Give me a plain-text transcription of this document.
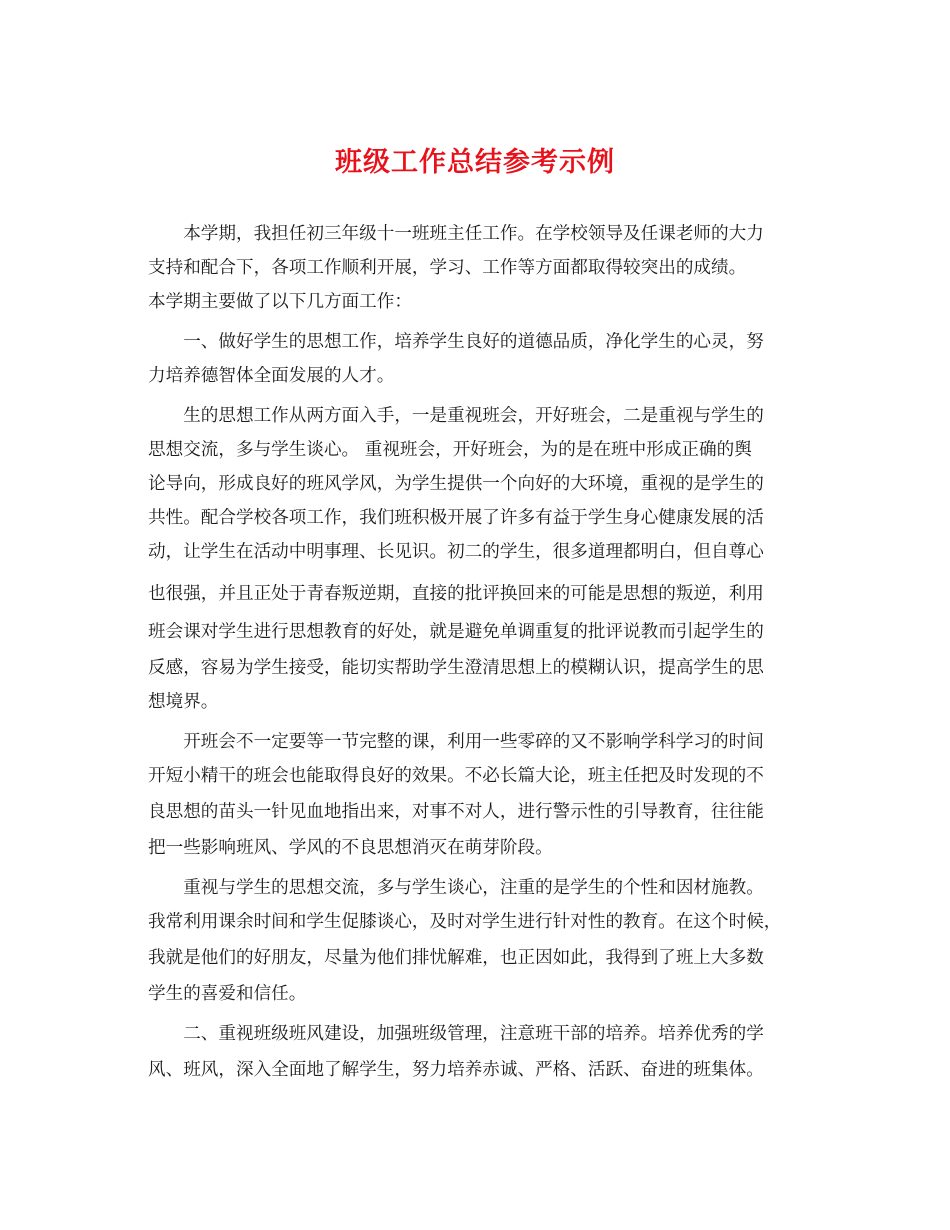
班级工作总结参考示例
　　本学期，我担任初三年级十一班班主任工作。在学校领导及任课老师的大力
支持和配合下，各项工作顺利开展，学习、工作等方面都取得较突出的成绩。
本学期主要做了以下几方面工作：
　　一、做好学生的思想工作，培养学生良好的道德品质，净化学生的心灵，努
力培养德智体全面发展的人才。
　　生的思想工作从两方面入手，一是重视班会，开好班会，二是重视与学生的
思想交流，多与学生谈心。 重视班会，开好班会，为的是在班中形成正确的舆
论导向，形成良好的班风学风，为学生提供一个向好的大环境，重视的是学生的
共性。配合学校各项工作，我们班积极开展了许多有益于学生身心健康发展的活
动，让学生在活动中明事理、长见识。初二的学生，很多道理都明白，但自尊心
也很强，并且正处于青春叛逆期，直接的批评换回来的可能是思想的叛逆，利用
班会课对学生进行思想教育的好处，就是避免单调重复的批评说教而引起学生的
反感，容易为学生接受，能切实帮助学生澄清思想上的模糊认识，提高学生的思
想境界。
　　开班会不一定要等一节完整的课，利用一些零碎的又不影响学科学习的时间
开短小精干的班会也能取得良好的效果。不必长篇大论，班主任把及时发现的不
良思想的苗头一针见血地指出来，对事不对人，进行警示性的引导教育，往往能
把一些影响班风、学风的不良思想消灭在萌芽阶段。
　　重视与学生的思想交流，多与学生谈心，注重的是学生的个性和因材施教。
我常利用课余时间和学生促膝谈心，及时对学生进行针对性的教育。在这个时候，
我就是他们的好朋友，尽量为他们排忧解难，也正因如此，我得到了班上大多数
学生的喜爱和信任。
　　二、重视班级班风建设，加强班级管理，注意班干部的培养。培养优秀的学
风、班风，深入全面地了解学生，努力培养赤诚、严格、活跃、奋进的班集体。
